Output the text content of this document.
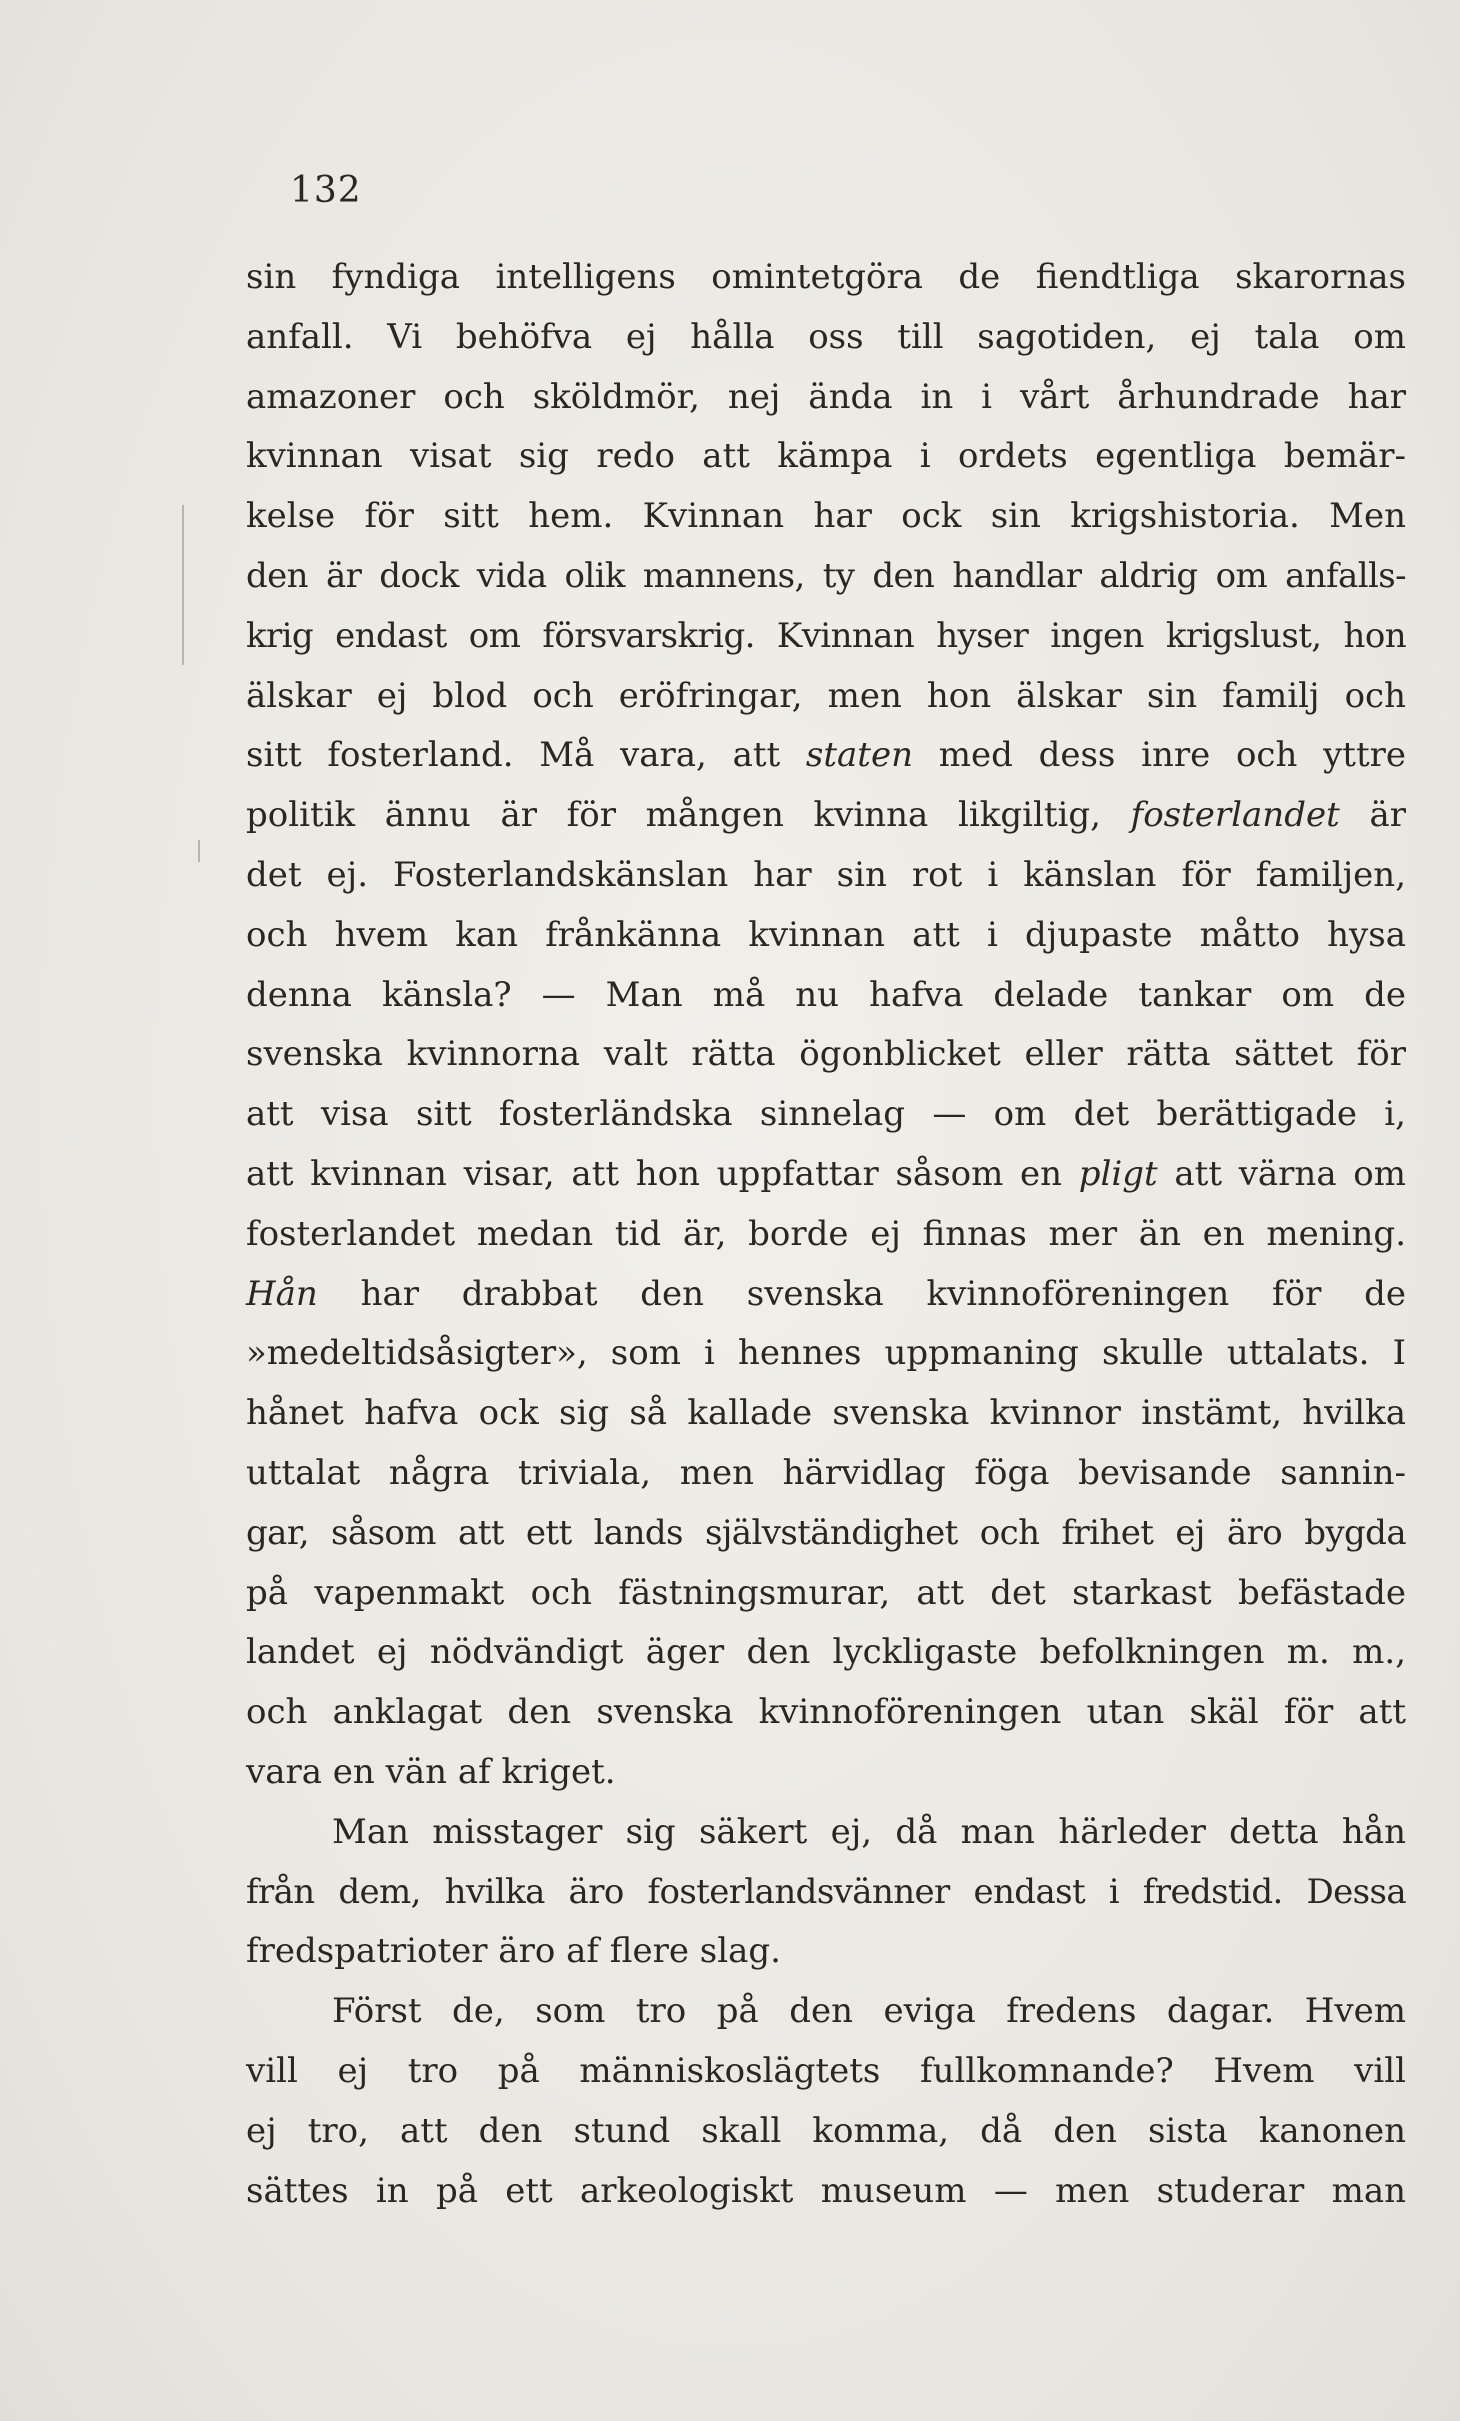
132
sin fyndiga intelligens omintetgöra de fiendtliga skarornas
anfall. Vi behöfva ej hålla oss till sagotiden, ej tala om
amazoner och sköldmör, nej ända in i vårt århundrade har
kvinnan visat sig redo att kämpa i ordets egentliga bemär-
kelse för sitt hem. Kvinnan har ock sin krigshistoria. Men
den är dock vida olik mannens, ty den handlar aldrig om anfalls-
krig endast om försvarskrig. Kvinnan hyser ingen krigslust, hon
älskar ej blod och eröfringar, men hon älskar sin familj och
sitt fosterland. Må vara, att staten med dess inre och yttre
politik ännu är för mången kvinna likgiltig, fosterlandet är
det ej. Fosterlandskänslan har sin rot i känslan för familjen,
och hvem kan frånkänna kvinnan att i djupaste måtto hysa
denna känsla? — Man må nu hafva delade tankar om de
svenska kvinnorna valt rätta ögonblicket eller rätta sättet för
att visa sitt fosterländska sinnelag — om det berättigade i,
att kvinnan visar, att hon uppfattar såsom en pligt att värna om
fosterlandet medan tid är, borde ej finnas mer än en mening.
Hån har drabbat den svenska kvinnoföreningen för de
»medeltidsåsigter», som i hennes uppmaning skulle uttalats. I
hånet hafva ock sig så kallade svenska kvinnor instämt, hvilka
uttalat några triviala, men härvidlag föga bevisande sannin-
gar, såsom att ett lands självständighet och frihet ej äro bygda
på vapenmakt och fästningsmurar, att det starkast befästade
landet ej nödvändigt äger den lyckligaste befolkningen m. m.,
och anklagat den svenska kvinnoföreningen utan skäl för att
vara en vän af kriget.
Man misstager sig säkert ej, då man härleder detta hån
från dem, hvilka äro fosterlandsvänner endast i fredstid. Dessa
fredspatrioter äro af flere slag.
Först de, som tro på den eviga fredens dagar. Hvem
vill ej tro på människoslägtets fullkomnande? Hvem vill
ej tro, att den stund skall komma, då den sista kanonen
sättes in på ett arkeologiskt museum — men studerar man
